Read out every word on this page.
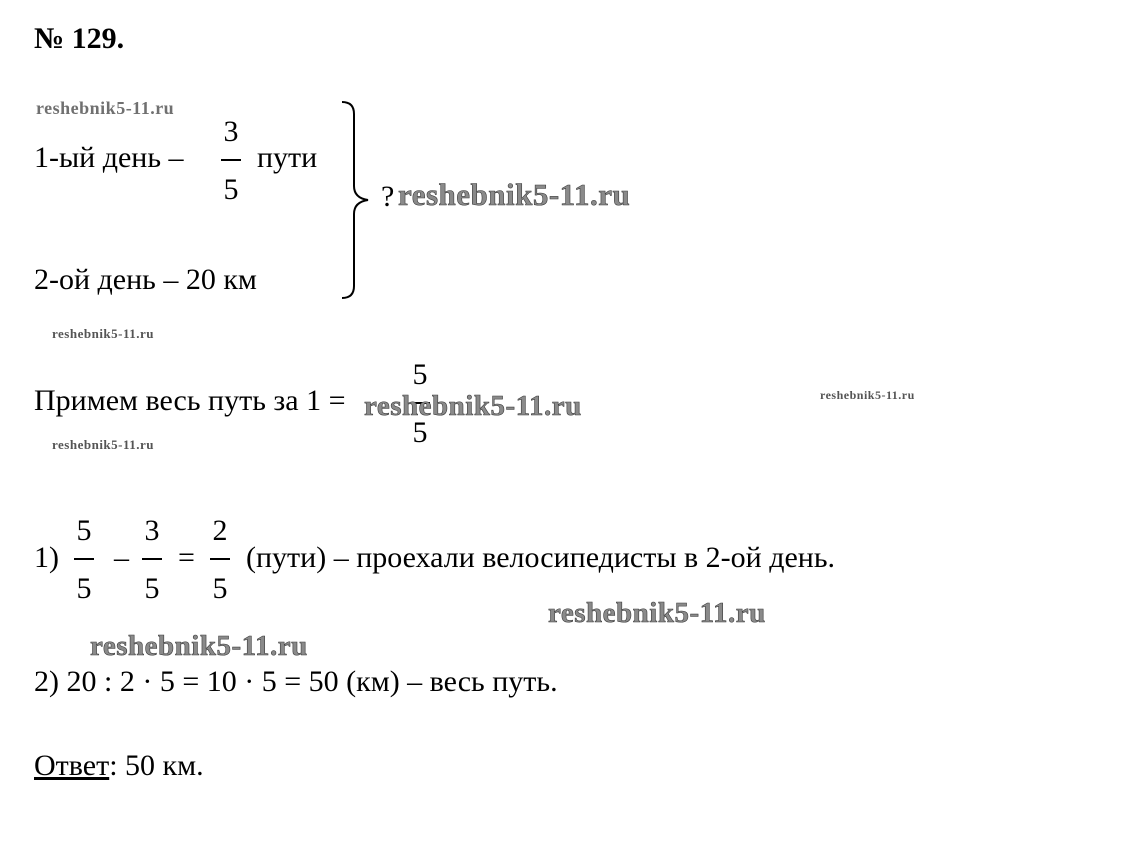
№ 129.
reshebnik5-11.ru
1-ый день –
3
5
пути
? reshebnik5-11.ru
2-ой день – 20 км
reshebnik5-11.ru
Примем весь путь за 1 =
5
5
reshebnik5-11.ru	reshebnik5-11.ru
reshebnik5-11.ru
1)
5
5
–
3
5
=
2
5
(пути) – проехали велосипедисты в 2-ой день.
reshebnik5-11.ru
reshebnik5-11.ru
2) 20 : 2 · 5 = 10 · 5 = 50 (км) – весь путь.
Ответ: 50 км.
